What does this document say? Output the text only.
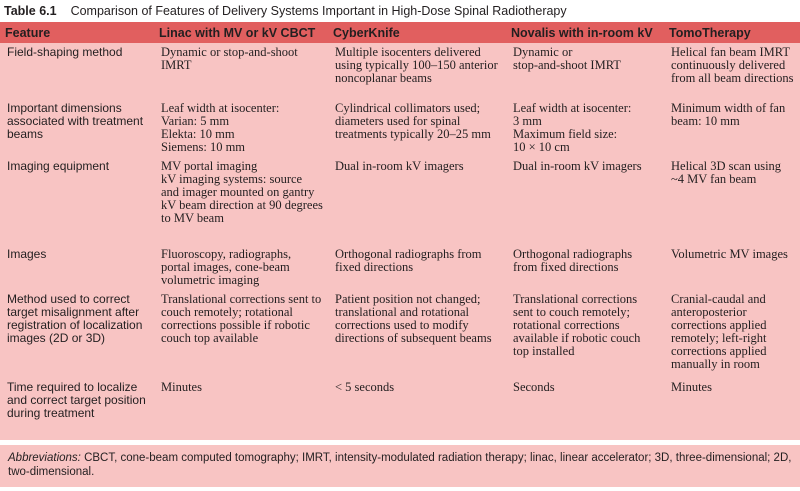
Table 6.1 Comparison of Features of Delivery Systems Important in High-Dose Spinal Radiotherapy
Feature	Linac with MV or kV CBCT	CyberKnife	Novalis with in-room kV	TomoTherapy
Field-shaping method	Dynamic or stop-and-shoot IMRT	Multiple isocenters delivered using typically 100–150 anterior noncoplanar beams	Dynamic or
stop-and-shoot IMRT	Helical fan beam IMRT continuously delivered from all beam directions
Important dimensions associated with treatment beams	Leaf width at isocenter:
Varian: 5 mm
Elekta: 10 mm
Siemens: 10 mm	Cylindrical collimators used; diameters used for spinal treatments typically 20–25 mm	Leaf width at isocenter:
3 mm
Maximum field size:
10 × 10 cm	Minimum width of fan beam: 10 mm
Imaging equipment	MV portal imaging
kV imaging systems: source and imager mounted on gantry
kV beam direction at 90 degrees to MV beam	Dual in-room kV imagers	Dual in-room kV imagers	Helical 3D scan using ~4 MV fan beam
Images	Fluoroscopy, radiographs, portal images, cone-beam volumetric imaging	Orthogonal radiographs from fixed directions	Orthogonal radiographs from fixed directions	Volumetric MV images
Method used to correct target misalignment after registration of localization images (2D or 3D)	Translational corrections sent to couch remotely; rotational corrections possible if robotic couch top available	Patient position not changed; translational and rotational corrections used to modify directions of subsequent beams	Translational corrections sent to couch remotely; rotational corrections available if robotic couch top installed	Cranial-caudal and anteroposterior corrections applied remotely; left-right corrections applied manually in room
Time required to localize and correct target position during treatment	Minutes	< 5 seconds	Seconds	Minutes
Abbreviations: CBCT, cone-beam computed tomography; IMRT, intensity-modulated radiation therapy; linac, linear accelerator; 3D, three-dimensional; 2D, two-dimensional.
